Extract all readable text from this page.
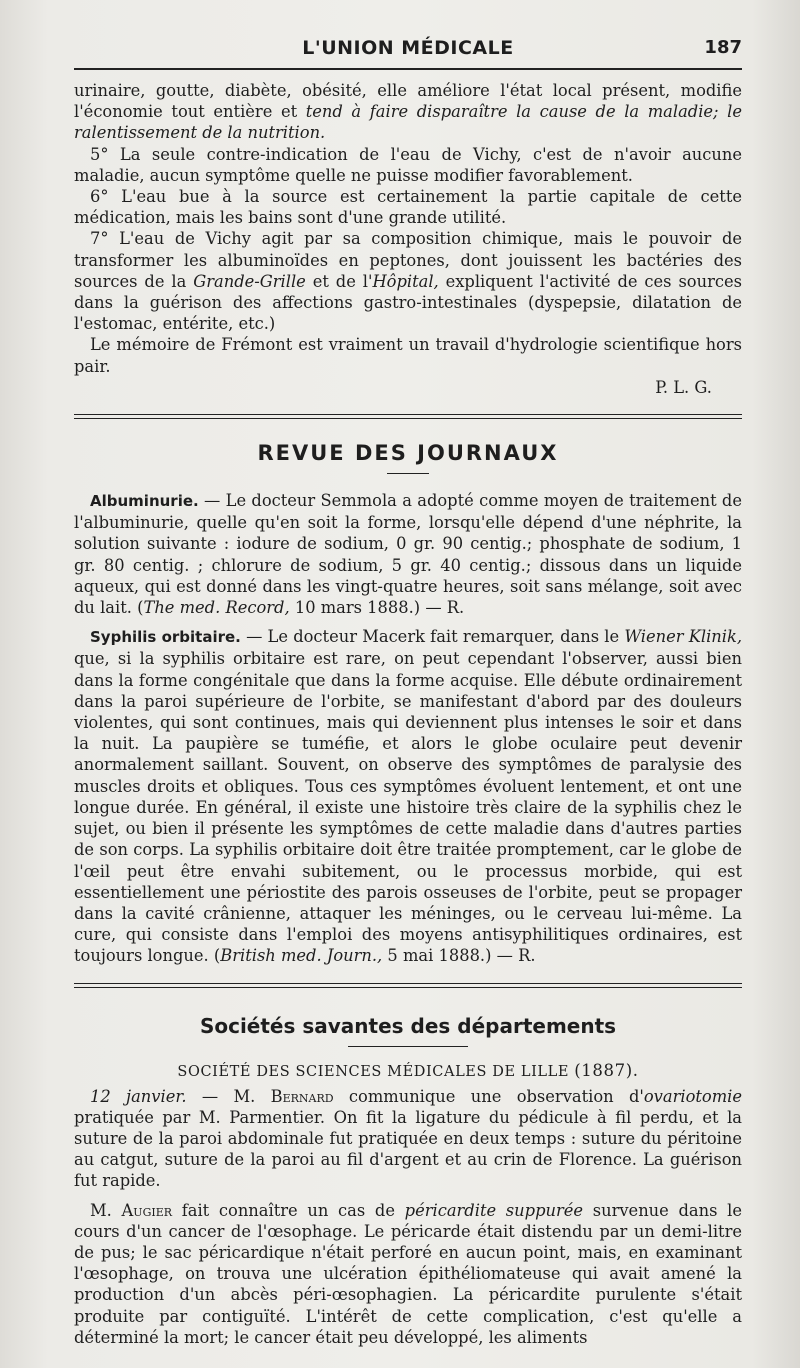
L'UNION MÉDICALE	187

urinaire, goutte, diabète, obésité, elle améliore l'état local présent, modifie l'économie tout entière et tend à faire disparaître la cause de la maladie; le ralentissement de la nutrition.

5° La seule contre-indication de l'eau de Vichy, c'est de n'avoir aucune maladie, aucun symptôme quelle ne puisse modifier favorablement.

6° L'eau bue à la source est certainement la partie capitale de cette médication, mais les bains sont d'une grande utilité.

7° L'eau de Vichy agit par sa composition chimique, mais le pouvoir de transformer les albuminoïdes en peptones, dont jouissent les bactéries des sources de la Grande-Grille et de l'Hôpital, expliquent l'activité de ces sources dans la guérison des affections gastro-intestinales (dyspepsie, dilatation de l'estomac, entérite, etc.)

Le mémoire de Frémont est vraiment un travail d'hydrologie scientifique hors pair.

P. L. G.

REVUE DES JOURNAUX

Albuminurie. — Le docteur Semmola a adopté comme moyen de traitement de l'albuminurie, quelle qu'en soit la forme, lorsqu'elle dépend d'une néphrite, la solution suivante : iodure de sodium, 0 gr. 90 centig.; phosphate de sodium, 1 gr. 80 centig. ; chlorure de sodium, 5 gr. 40 centig.; dissous dans un liquide aqueux, qui est donné dans les vingt-quatre heures, soit sans mélange, soit avec du lait. (The med. Record, 10 mars 1888.) — R.

Syphilis orbitaire. — Le docteur Macerk fait remarquer, dans le Wiener Klinik, que, si la syphilis orbitaire est rare, on peut cependant l'observer, aussi bien dans la forme congénitale que dans la forme acquise. Elle débute ordinairement dans la paroi supérieure de l'orbite, se manifestant d'abord par des douleurs violentes, qui sont continues, mais qui deviennent plus intenses le soir et dans la nuit. La paupière se tuméfie, et alors le globe oculaire peut devenir anormalement saillant. Souvent, on observe des symptômes de paralysie des muscles droits et obliques. Tous ces symptômes évoluent lentement, et ont une longue durée. En général, il existe une histoire très claire de la syphilis chez le sujet, ou bien il présente les symptômes de cette maladie dans d'autres parties de son corps. La syphilis orbitaire doit être traitée promptement, car le globe de l'œil peut être envahi subitement, ou le processus morbide, qui est essentiellement une périostite des parois osseuses de l'orbite, peut se propager dans la cavité crânienne, attaquer les méninges, ou le cerveau lui-même. La cure, qui consiste dans l'emploi des moyens antisyphilitiques ordinaires, est toujours longue. (British med. Journ., 5 mai 1888.) — R.

Sociétés savantes des départements
SOCIÉTÉ DES SCIENCES MÉDICALES DE LILLE (1887).

12 janvier. — M. Bernard communique une observation d'ovariotomie pratiquée par M. Parmentier. On fit la ligature du pédicule à fil perdu, et la suture de la paroi abdominale fut pratiquée en deux temps : suture du péritoine au catgut, suture de la paroi au fil d'argent et au crin de Florence. La guérison fut rapide.

M. Augier fait connaître un cas de péricardite suppurée survenue dans le cours d'un cancer de l'œsophage. Le péricarde était distendu par un demi-litre de pus; le sac péricardique n'était perforé en aucun point, mais, en examinant l'œsophage, on trouva une ulcération épithéliomateuse qui avait amené la production d'un abcès péri-œsophagien. La péricardite purulente s'était produite par contiguïté. L'intérêt de cette complication, c'est qu'elle a déterminé la mort; le cancer était peu développé, les aliments
